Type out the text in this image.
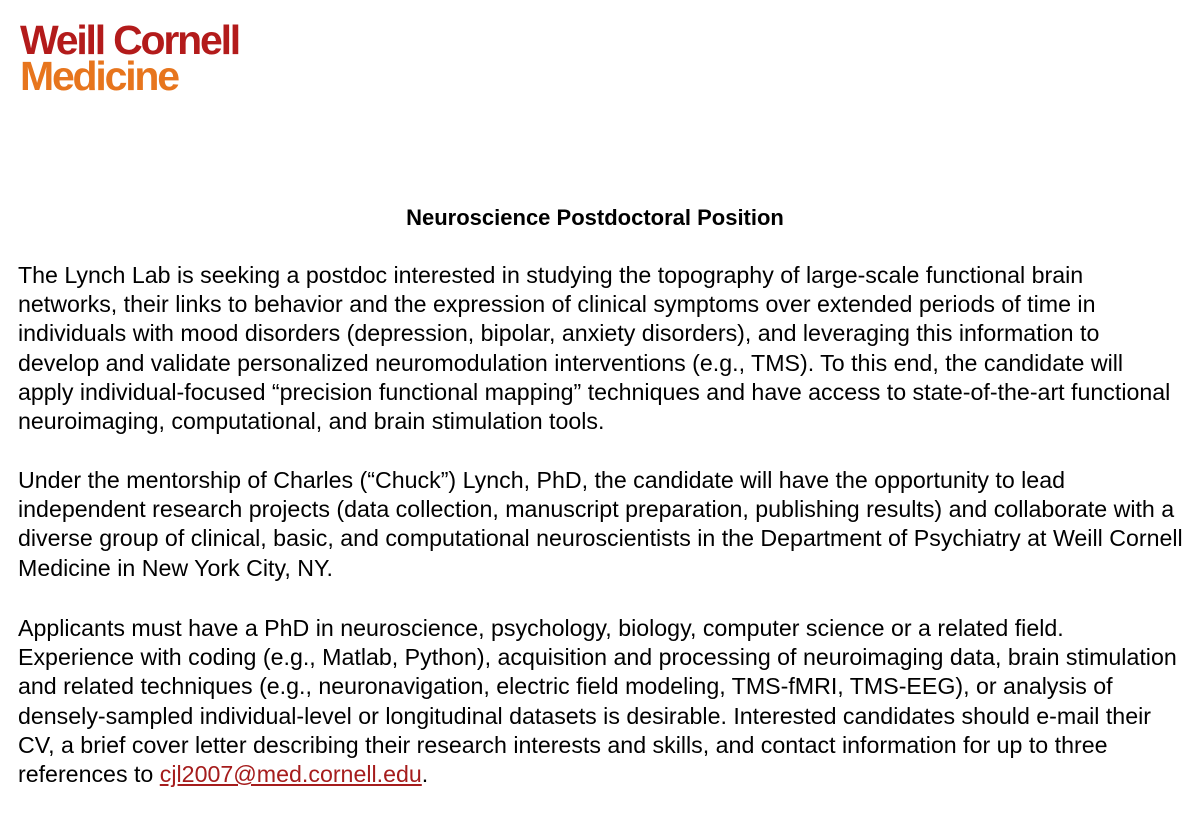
Weill Cornell
Medicine
Neuroscience Postdoctoral Position

The Lynch Lab is seeking a postdoc interested in studying the topography of large-scale functional brain networks, their links to behavior and the expression of clinical symptoms over extended periods of time in individuals with mood disorders (depression, bipolar, anxiety disorders), and leveraging this information to develop and validate personalized neuromodulation interventions (e.g., TMS). To this end, the candidate will apply individual-focused “precision functional mapping” techniques and have access to state-of-the-art functional neuroimaging, computational, and brain stimulation tools.

Under the mentorship of Charles (“Chuck”) Lynch, PhD, the candidate will have the opportunity to lead independent research projects (data collection, manuscript preparation, publishing results) and collaborate with a diverse group of clinical, basic, and computational neuroscientists in the Department of Psychiatry at Weill Cornell Medicine in New York City, NY.

Applicants must have a PhD in neuroscience, psychology, biology, computer science or a related field. Experience with coding (e.g., Matlab, Python), acquisition and processing of neuroimaging data, brain stimulation and related techniques (e.g., neuronavigation, electric field modeling, TMS-fMRI, TMS-EEG), or analysis of densely-sampled individual-level or longitudinal datasets is desirable. Interested candidates should e-mail their CV, a brief cover letter describing their research interests and skills, and contact information for up to three references to cjl2007@med.cornell.edu.
